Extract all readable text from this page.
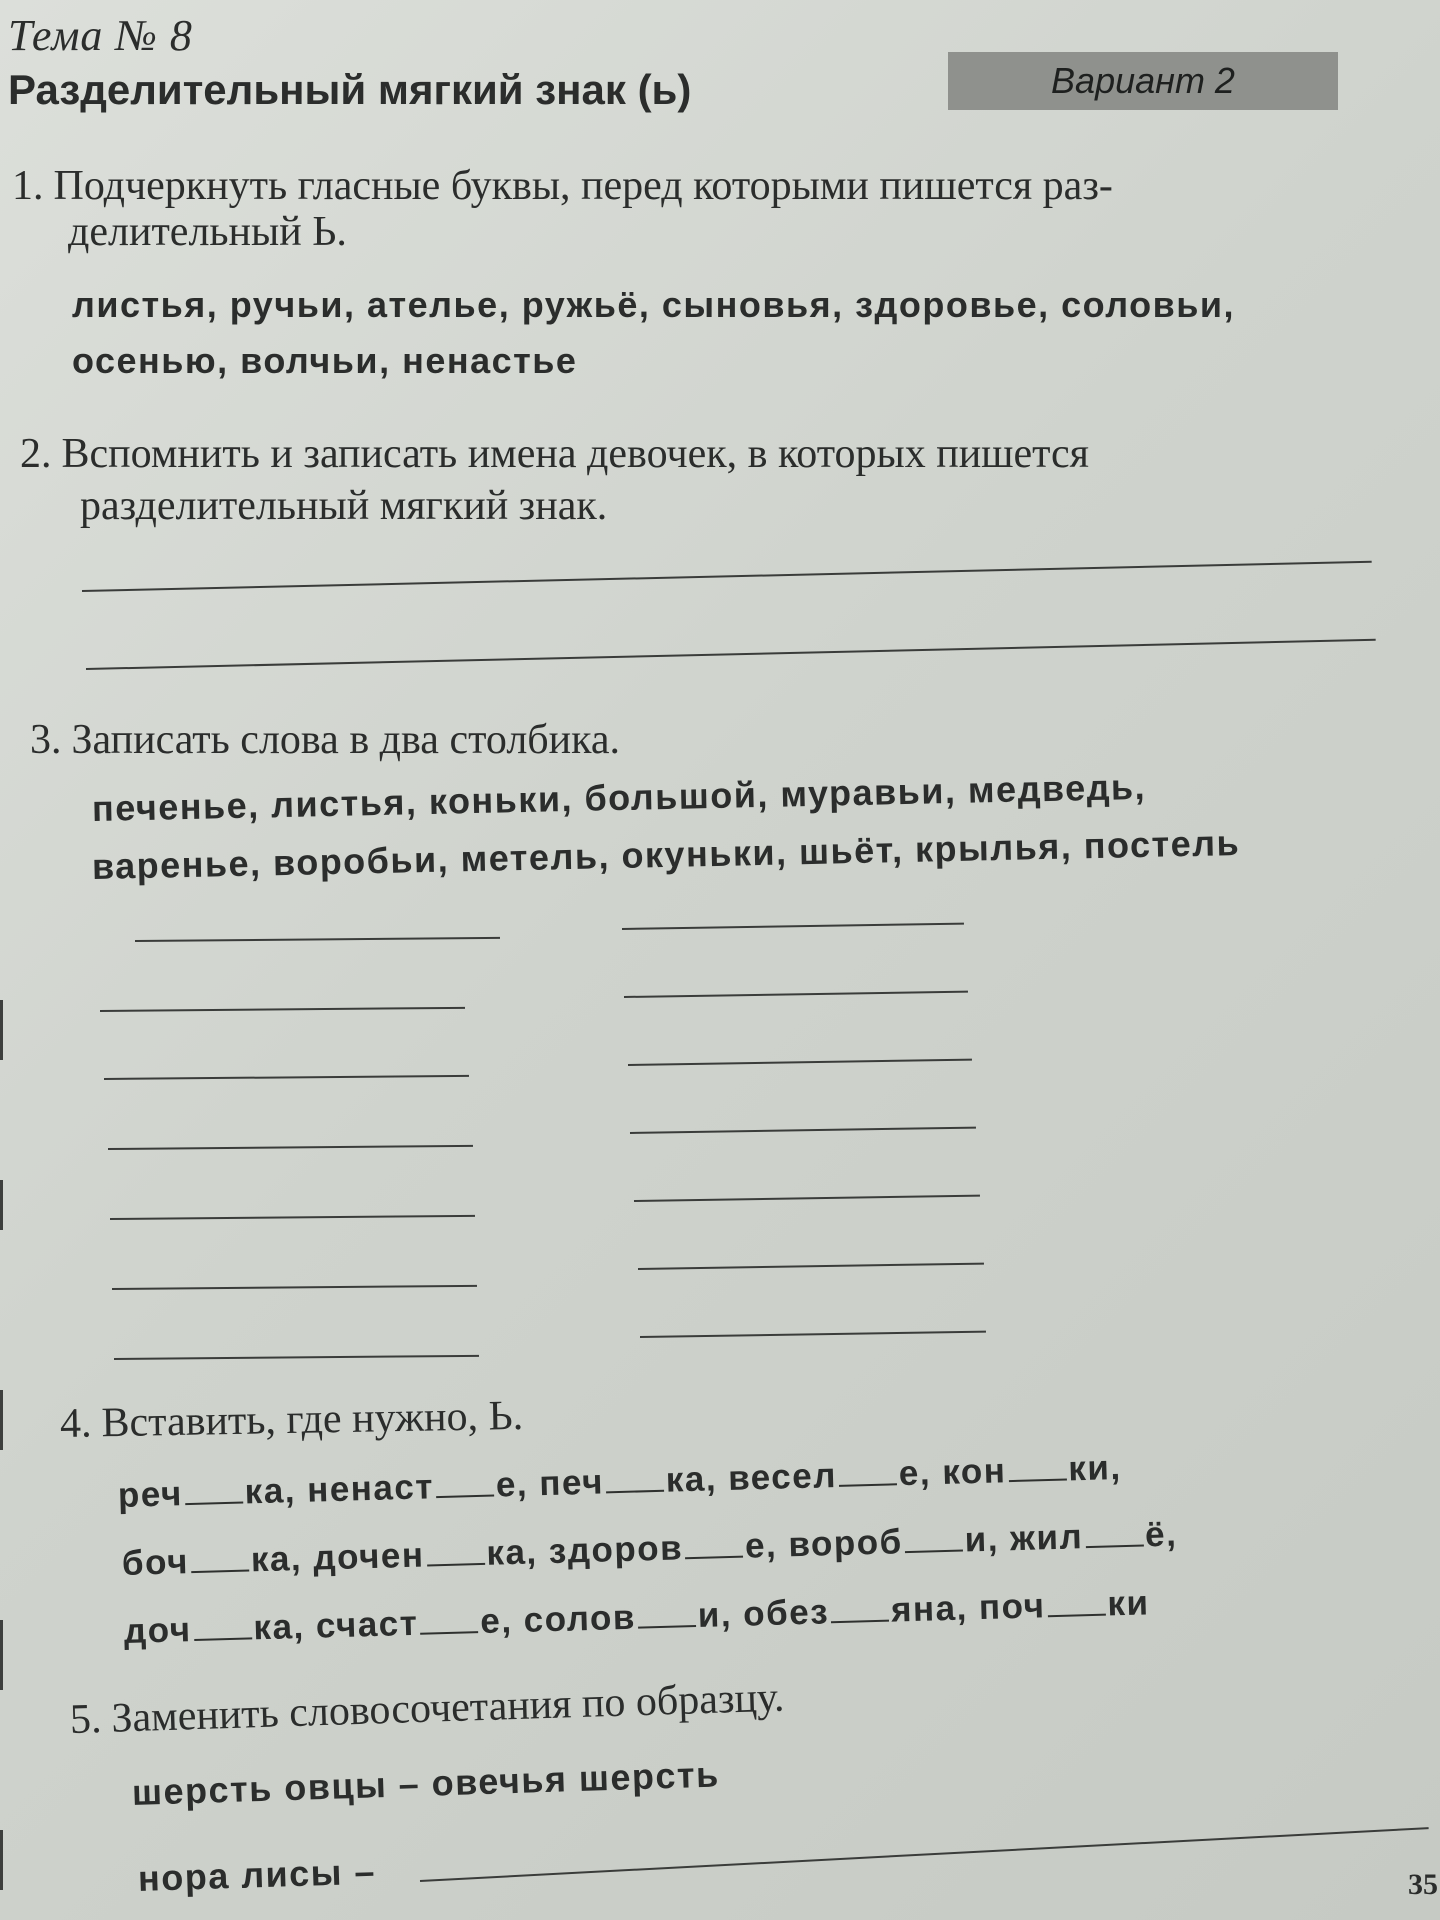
Тема № 8
Разделительный мягкий знак (ь)	Вариант 2
1. Подчеркнуть гласные буквы, перед которыми пишется раз-
делительный Ь.
листья, ручьи, ателье, ружьё, сыновья, здоровье, соловьи,
осенью, волчьи, ненастье
2. Вспомнить и записать имена девочек, в которых пишется
разделительный мягкий знак.
3. Записать слова в два столбика.
печенье, листья, коньки, большой, муравьи, медведь,
варенье, воробьи, метель, окуньки, шьёт, крылья, постель
4. Вставить, где нужно, Ь.
реч ка, ненаст е, печ ка, весел е, кон ки,
боч ка, дочен ка, здоров е, вороб и, жил ё,
доч ка, счаст е, солов и, обез яна, поч ки
5. Заменить словосочетания по образцу.
шерсть овцы – овечья шерсть
нора лисы –	35
